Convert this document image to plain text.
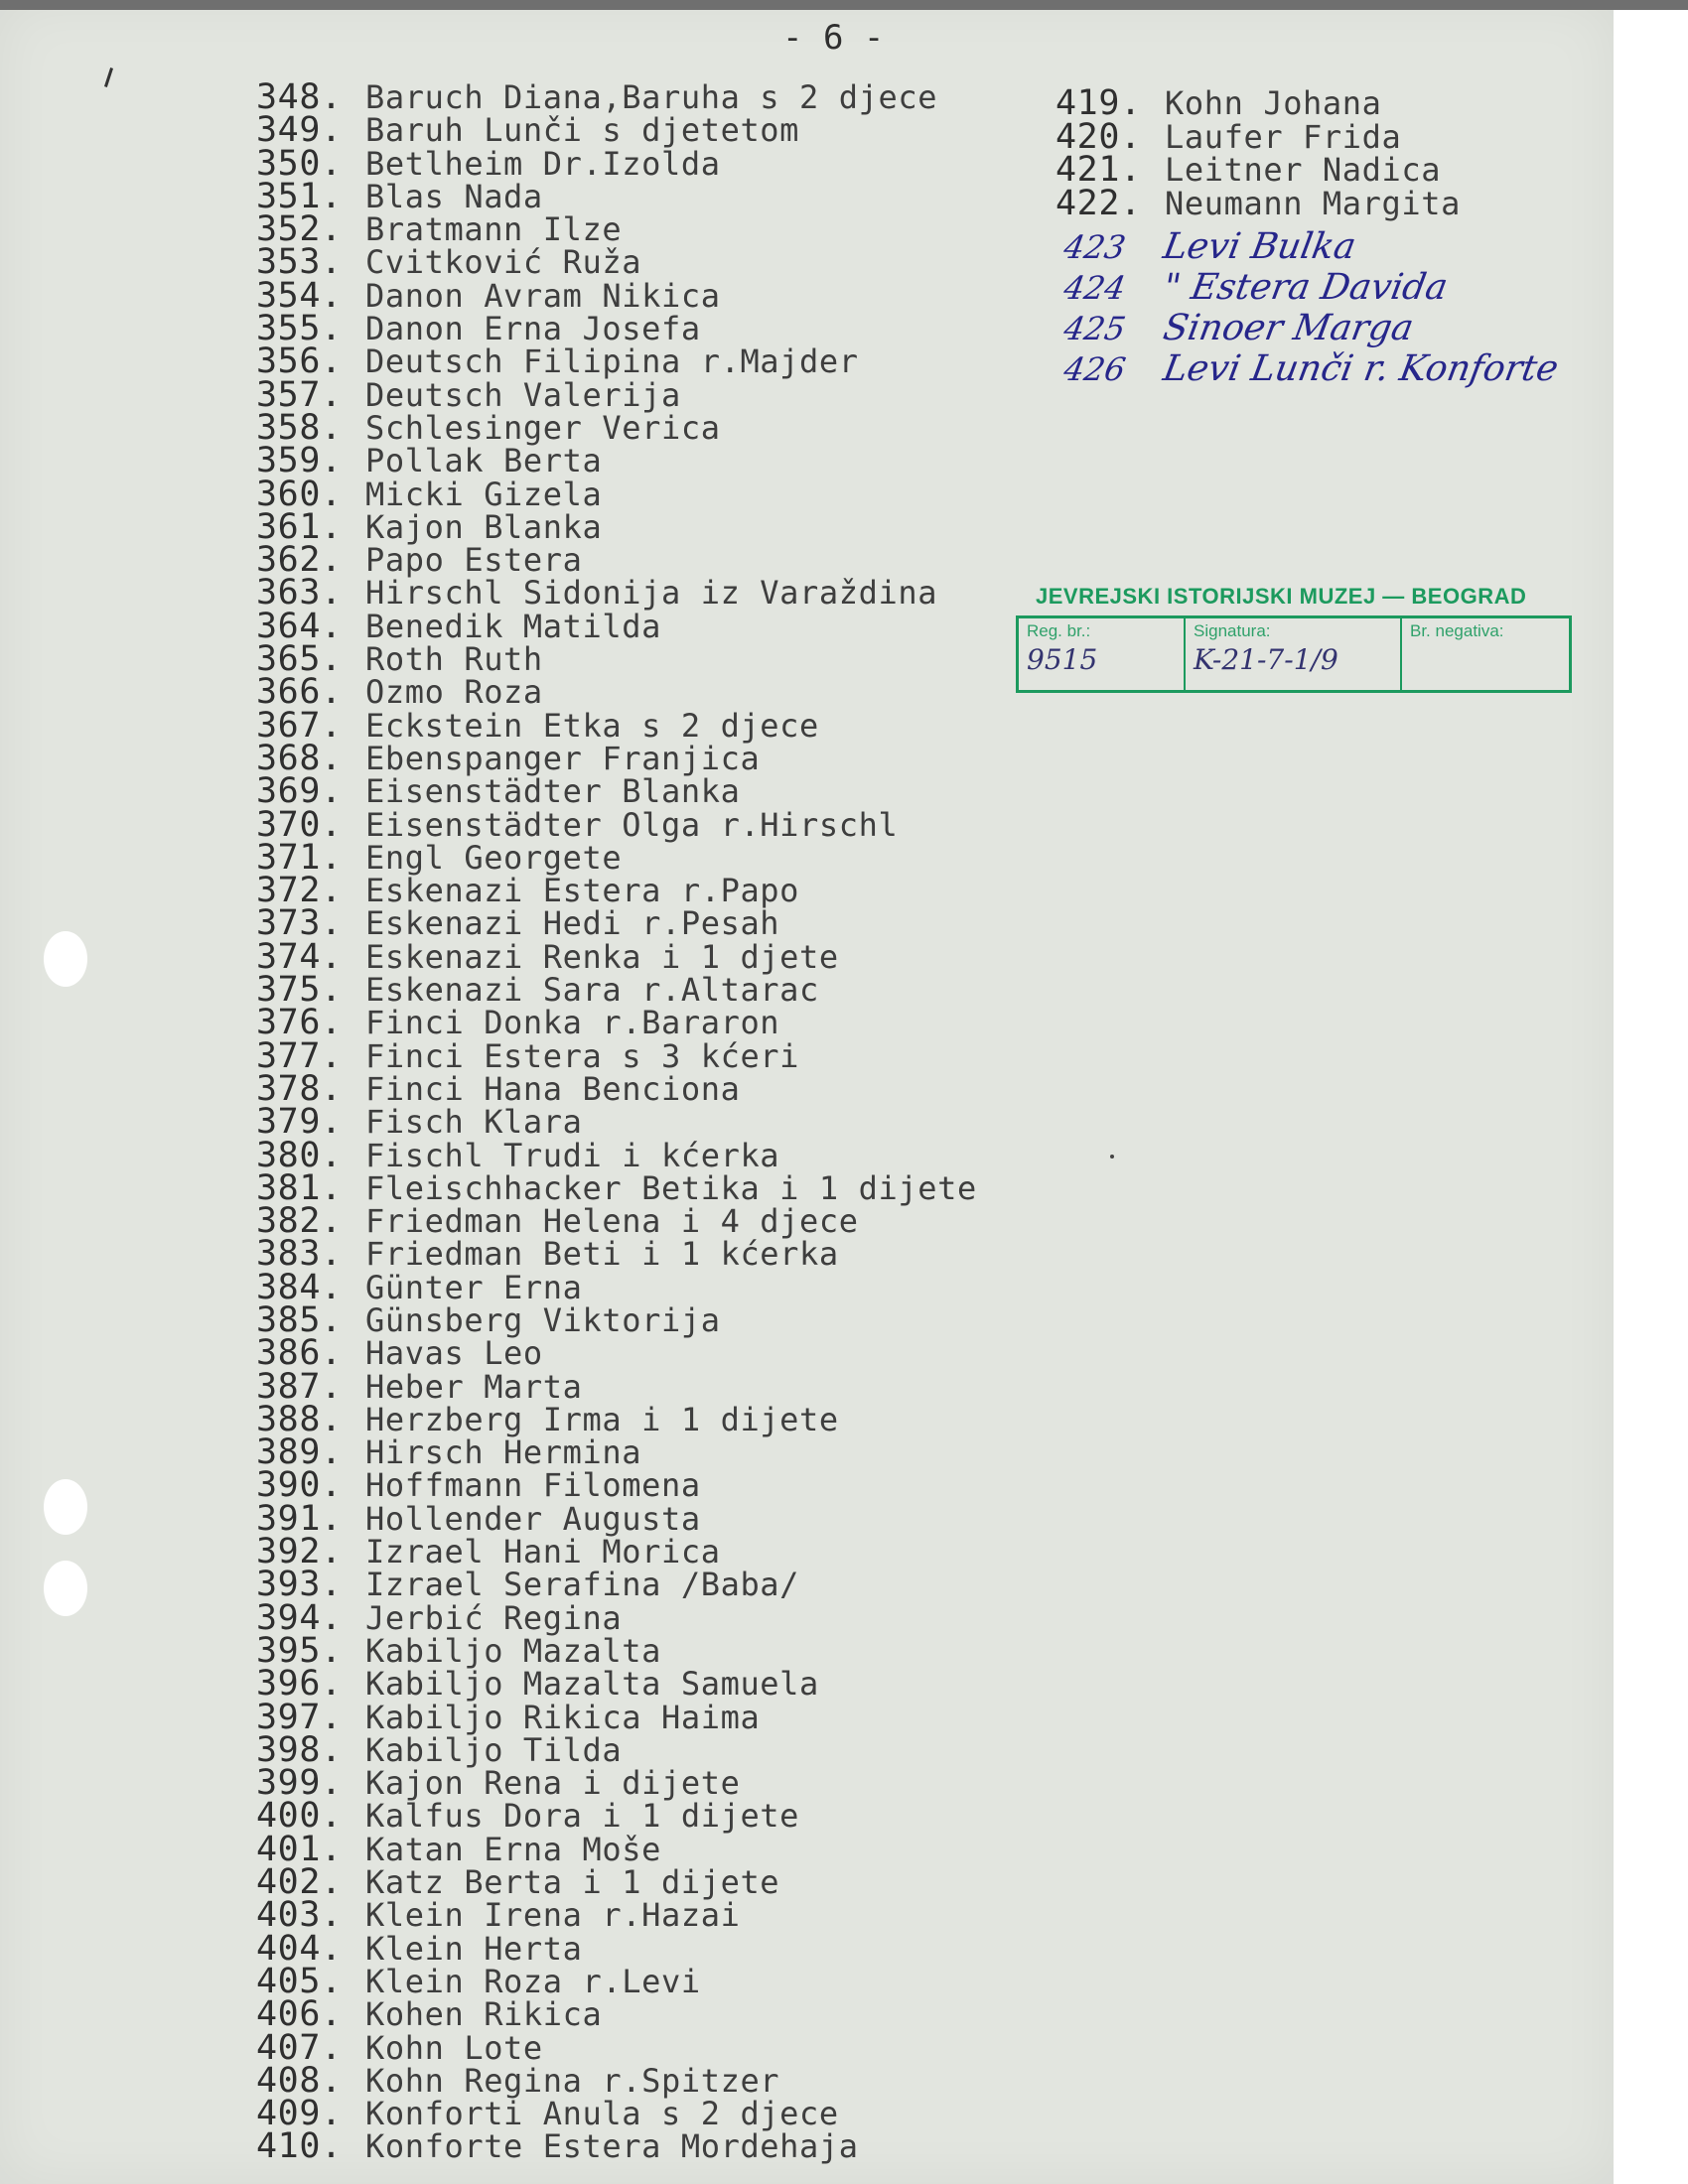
- 6 -
348. Baruch Diana,Baruha s 2 djece
349. Baruh Lunči s djetetom
350. Betlheim Dr.Izolda
351. Blas Nada
352. Bratmann Ilze
353. Cvitković Ruža
354. Danon Avram Nikica
355. Danon Erna Josefa
356. Deutsch Filipina r.Majder
357. Deutsch Valerija
358. Schlesinger Verica
359. Pollak Berta
360. Micki Gizela
361. Kajon Blanka
362. Papo Estera
363. Hirschl Sidonija iz Varaždina
364. Benedik Matilda
365. Roth Ruth
366. Ozmo Roza
367. Eckstein Etka s 2 djece
368. Ebenspanger Franjica
369. Eisenstädter Blanka
370. Eisenstädter Olga r.Hirschl
371. Engl Georgete
372. Eskenazi Estera r.Papo
373. Eskenazi Hedi r.Pesah
374. Eskenazi Renka i 1 djete
375. Eskenazi Sara r.Altarac
376. Finci Donka r.Bararon
377. Finci Estera s 3 kćeri
378. Finci Hana Benciona
379. Fisch Klara
380. Fischl Trudi i kćerka
381. Fleischhacker Betika i 1 dijete
382. Friedman Helena i 4 djece
383. Friedman Beti i 1 kćerka
384. Günter Erna
385. Günsberg Viktorija
386. Havas Leo
387. Heber Marta
388. Herzberg Irma i 1 dijete
389. Hirsch Hermina
390. Hoffmann Filomena
391. Hollender Augusta
392. Izrael Hani Morica
393. Izrael Serafina /Baba/
394. Jerbić Regina
395. Kabiljo Mazalta
396. Kabiljo Mazalta Samuela
397. Kabiljo Rikica Haima
398. Kabiljo Tilda
399. Kajon Rena i dijete
400. Kalfus Dora i 1 dijete
401. Katan Erna Moše
402. Katz Berta i 1 dijete
403. Klein Irena r.Hazai
404. Klein Herta
405. Klein Roza r.Levi
406. Kohen Rikica
407. Kohn Lote
408. Kohn Regina r.Spitzer
409. Konforti Anula s 2 djece
410. Konforte Estera Mordehaja
419. Kohn Johana
420. Laufer Frida
421. Leitner Nadica
422. Neumann Margita
423 Levi Bulka
424 " Estera Davida
425 Sinoer Marga
426 Levi Lunči r. Konforte
JEVREJSKI ISTORIJSKI MUZEJ — BEOGRAD
Reg. br.:
9515
Signatura:
K-21-7-1/9
Br. negativa:
